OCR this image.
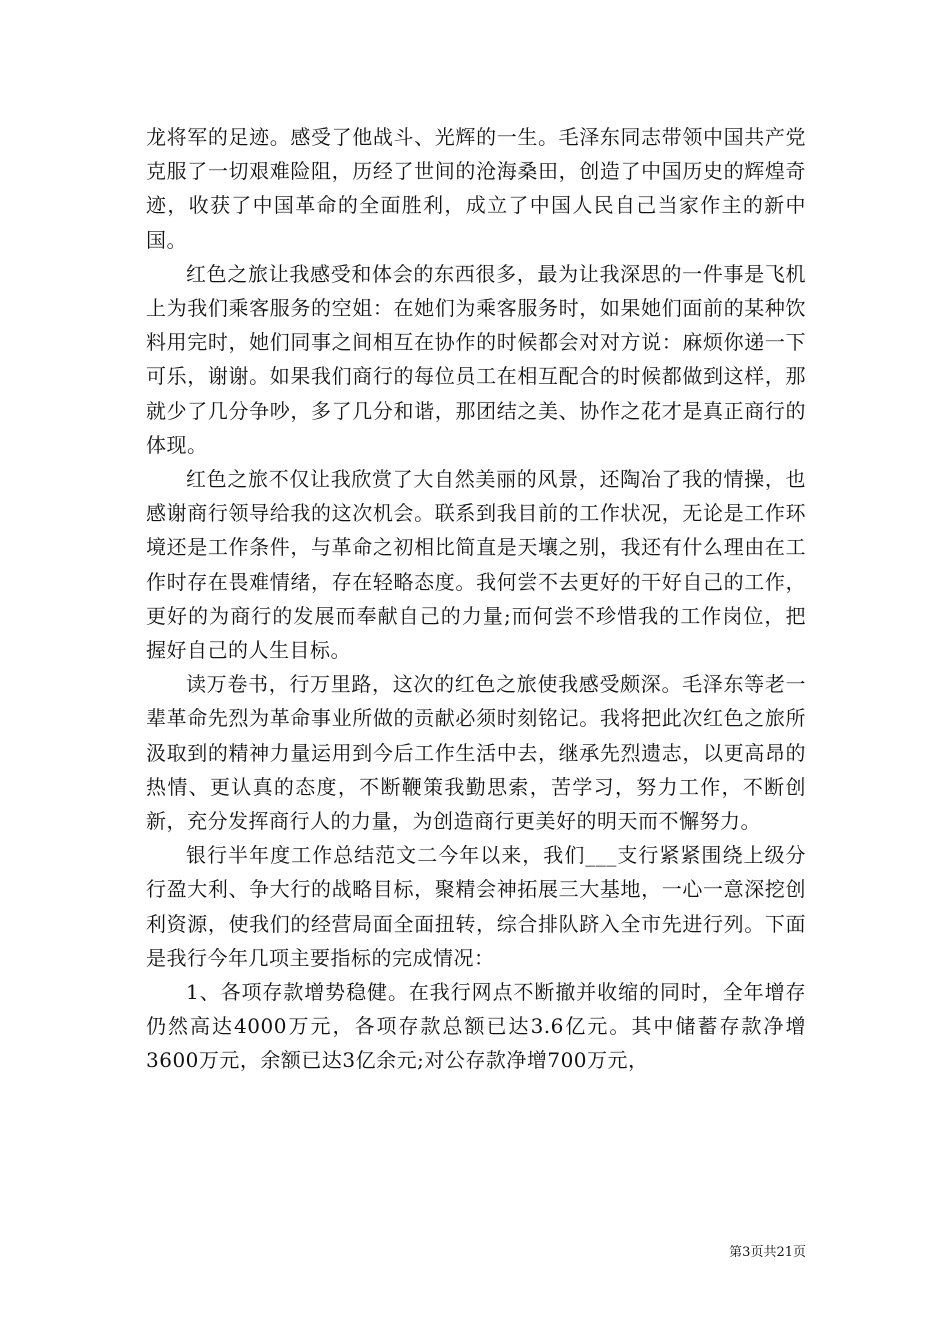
龙将军的足迹。感受了他战斗、光辉的一生。毛泽东同志带领中国共产党克服了一切艰难险阻，历经了世间的沧海桑田，创造了中国历史的辉煌奇迹，收获了中国革命的全面胜利，成立了中国人民自己当家作主的新中国。

红色之旅让我感受和体会的东西很多，最为让我深思的一件事是飞机上为我们乘客服务的空姐：在她们为乘客服务时，如果她们面前的某种饮料用完时，她们同事之间相互在协作的时候都会对对方说：麻烦你递一下可乐，谢谢。如果我们商行的每位员工在相互配合的时候都做到这样，那就少了几分争吵，多了几分和谐，那团结之美、协作之花才是真正商行的体现。

红色之旅不仅让我欣赏了大自然美丽的风景，还陶冶了我的情操，也感谢商行领导给我的这次机会。联系到我目前的工作状况，无论是工作环境还是工作条件，与革命之初相比简直是天壤之别，我还有什么理由在工作时存在畏难情绪，存在轻略态度。我何尝不去更好的干好自己的工作，更好的为商行的发展而奉献自己的力量;而何尝不珍惜我的工作岗位，把握好自己的人生目标。

读万卷书，行万里路，这次的红色之旅使我感受颇深。毛泽东等老一辈革命先烈为革命事业所做的贡献必须时刻铭记。我将把此次红色之旅所汲取到的精神力量运用到今后工作生活中去，继承先烈遗志，以更高昂的热情、更认真的态度，不断鞭策我勤思索，苦学习，努力工作，不断创新，充分发挥商行人的力量，为创造商行更美好的明天而不懈努力。

银行半年度工作总结范文二今年以来，我们___支行紧紧围绕上级分行盈大利、争大行的战略目标，聚精会神拓展三大基地，一心一意深挖创利资源，使我们的经营局面全面扭转，综合排队跻入全市先进行列。下面是我行今年几项主要指标的完成情况：

1、各项存款增势稳健。在我行网点不断撤并收缩的同时，全年增存仍然高达4000万元，各项存款总额已达3.6亿元。其中储蓄存款净增3600万元，余额已达3亿余元;对公存款净增700万元，

第3页共21页
